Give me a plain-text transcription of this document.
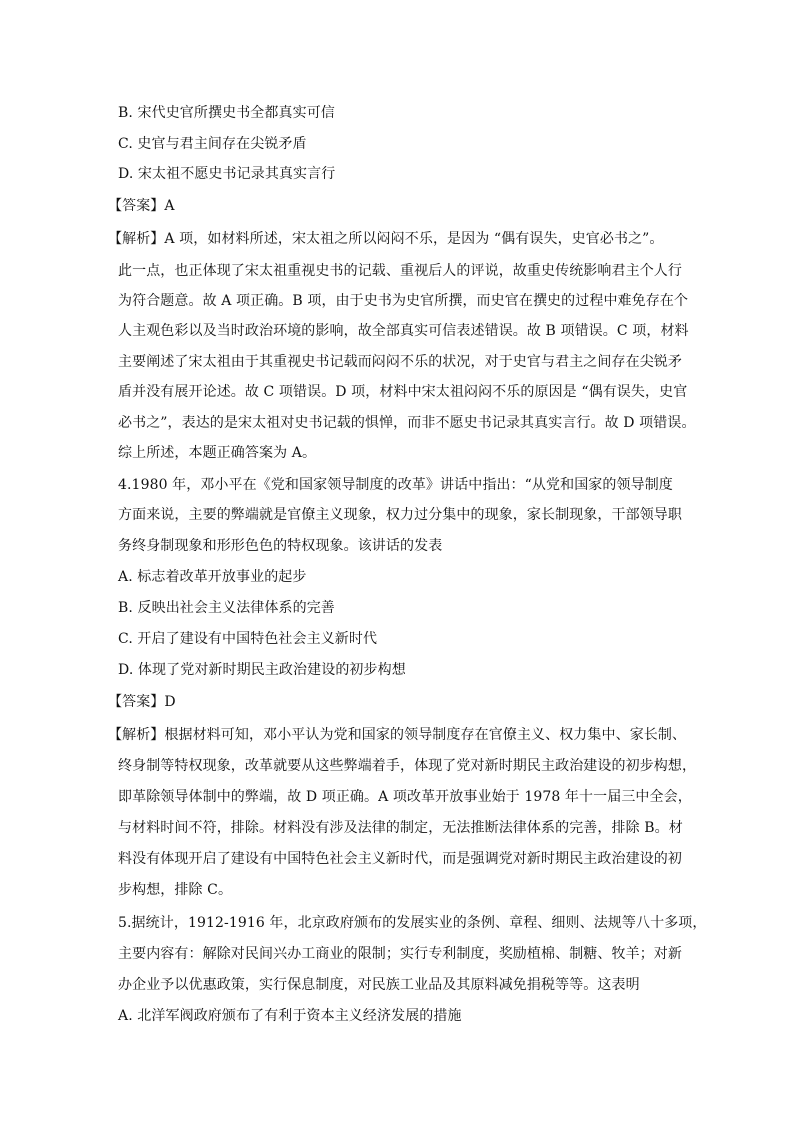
B. 宋代史官所撰史书全都真实可信
C. 史官与君主间存在尖锐矛盾
D. 宋太祖不愿史书记录其真实言行
【答案】A
【解析】A 项，如材料所述，宋太祖之所以闷闷不乐，是因为 “偶有误失，史官必书之”。
此一点，也正体现了宋太祖重视史书的记载、重视后人的评说，故重史传统影响君主个人行
为符合题意。故 A 项正确。B 项，由于史书为史官所撰，而史官在撰史的过程中难免存在个
人主观色彩以及当时政治环境的影响，故全部真实可信表述错误。故 B 项错误。C 项，材料
主要阐述了宋太祖由于其重视史书记载而闷闷不乐的状况，对于史官与君主之间存在尖锐矛
盾并没有展开论述。故 C 项错误。D 项，材料中宋太祖闷闷不乐的原因是 “偶有误失，史官
必书之”，表达的是宋太祖对史书记载的惧惮，而非不愿史书记录其真实言行。故 D 项错误。
综上所述，本题正确答案为 A。
4.1980 年，邓小平在《党和国家领导制度的改革》讲话中指出：“从党和国家的领导制度
方面来说，主要的弊端就是官僚主义现象，权力过分集中的现象，家长制现象，干部领导职
务终身制现象和形形色色的特权现象。该讲话的发表
A. 标志着改革开放事业的起步
B. 反映出社会主义法律体系的完善
C. 开启了建设有中国特色社会主义新时代
D. 体现了党对新时期民主政治建设的初步构想
【答案】D
【解析】根据材料可知，邓小平认为党和国家的领导制度存在官僚主义、权力集中、家长制、
终身制等特权现象，改革就要从这些弊端着手，体现了党对新时期民主政治建设的初步构想，
即革除领导体制中的弊端，故 D 项正确。A 项改革开放事业始于 1978 年十一届三中全会，
与材料时间不符，排除。材料没有涉及法律的制定，无法推断法律体系的完善，排除 B。材
料没有体现开启了建设有中国特色社会主义新时代，而是强调党对新时期民主政治建设的初
步构想，排除 C。
5.据统计，1912-1916 年，北京政府颁布的发展实业的条例、章程、细则、法规等八十多项，
主要内容有：解除对民间兴办工商业的限制；实行专利制度，奖励植棉、制糖、牧羊；对新
办企业予以优惠政策，实行保息制度，对民族工业品及其原料减免捐税等等。这表明
A. 北洋军阀政府颁布了有利于资本主义经济发展的措施
